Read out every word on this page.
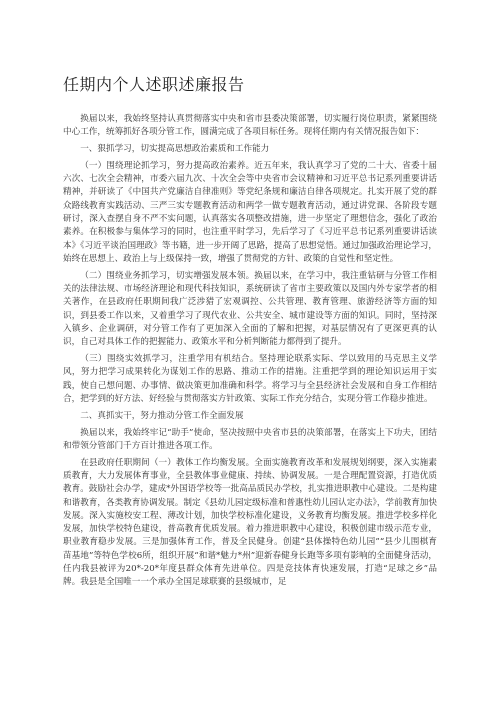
任期内个人述职述廉报告

换届以来，我始终坚持认真贯彻落实中央和省市县委决策部署，切实履行岗位职责，紧紧围绕中心工作，统筹抓好各项分管工作，圆满完成了各项目标任务。现将任期内有关情况报告如下：

一、狠抓学习，切实提高思想政治素质和工作能力

（一）围绕理论抓学习，努力提高政治素养。近五年来，我认真学习了党的二十大、省委十届六次、七次全会精神，市委六届九次、十次全会等中央省市会议精神和习近平总书记系列重要讲话精神，并研读了《中国共产党廉洁自律准则》等党纪条规和廉洁自律各项规定。扎实开展了党的群众路线教育实践活动、三严三实专题教育活动和两学一做专题教育活动，通过讲党课、各阶段专题研讨，深入查摆自身不严不实问题，认真落实各项整改措施，进一步坚定了理想信念，强化了政治素养。在积极参与集体学习的同时，也注重平时学习，先后学习了《习近平总书记系列重要讲话读本》《习近平谈治国理政》等书籍，进一步开阔了思路，提高了思想觉悟。通过加强政治理论学习，始终在思想上、政治上与上级保持一致，增强了贯彻党的方针、政策的自觉性和坚定性。

（二）围绕业务抓学习，切实增强发展本领。换届以来，在学习中，我注重钻研与分管工作相关的法律法规、市场经济理论和现代科技知识，系统研读了省市主要政策以及国内外专家学者的相关著作，在县政府任职期间我广泛涉猎了宏观调控、公共管理、教育管理、旅游经济等方面的知识，到县委工作以来，又着重学习了现代农业、公共安全、城市建设等方面的知识。同时，坚持深入镇乡、企业调研，对分管工作有了更加深入全面的了解和把握，对基层情况有了更深更真的认识，自己对具体工作的把握能力、政策水平和分析判断能力都得到了提升。

（三）围绕实效抓学习，注重学用有机结合。坚持理论联系实际、学以致用的马克思主义学风，努力把学习成果转化为谋划工作的思路、推动工作的措施。注重把学到的理论知识运用于实践，使自己想问题、办事情、做决策更加准确和科学。将学习与全县经济社会发展和自身工作相结合，把学到的好方法、好经验与贯彻落实方针政策、实际工作充分结合，实现分管工作稳步推进。

二、真抓实干，努力推动分管工作全面发展

换届以来，我始终牢记“助手”使命，坚决按照中央省市县的决策部署，在落实上下功夫，团结和带领分管部门千方百计推进各项工作。

在县政府任职期间（一）教体工作均衡发展。全面实施教育改革和发展规划纲要，深入实施素质教育，大力发展体育事业，全县教体事业健康、持续、协调发展。一是合理配置资源，打造优质教育。鼓励社会办学，建成*外国语学校等一批高品质民办学校，扎实推进职教中心建设。二是构建和谐教育，各类教育协调发展。制定《县幼儿园定级标准和普惠性幼儿园认定办法》，学前教育加快发展。深入实施校安工程、薄改计划，加快学校标准化建设，义务教育均衡发展。推进学校多样化发展，加快学校特色建设，普高教育优质发展。着力推进职教中心建设，积极创建市级示范专业，职业教育稳步发展。三是加强体育工作，普及全民健身。创建“县体操特色幼儿园”“县少儿围棋育苗基地”等特色学校6所，组织开展“和谐*魅力*州”迎新春健身长跑等多项有影响的全面健身活动，任内我县被评为20*-20*年度县群众体育先进单位。四是竞技体育快速发展，打造“足球之乡”品牌。我县是全国唯一一个承办全国足球联赛的县级城市，足
